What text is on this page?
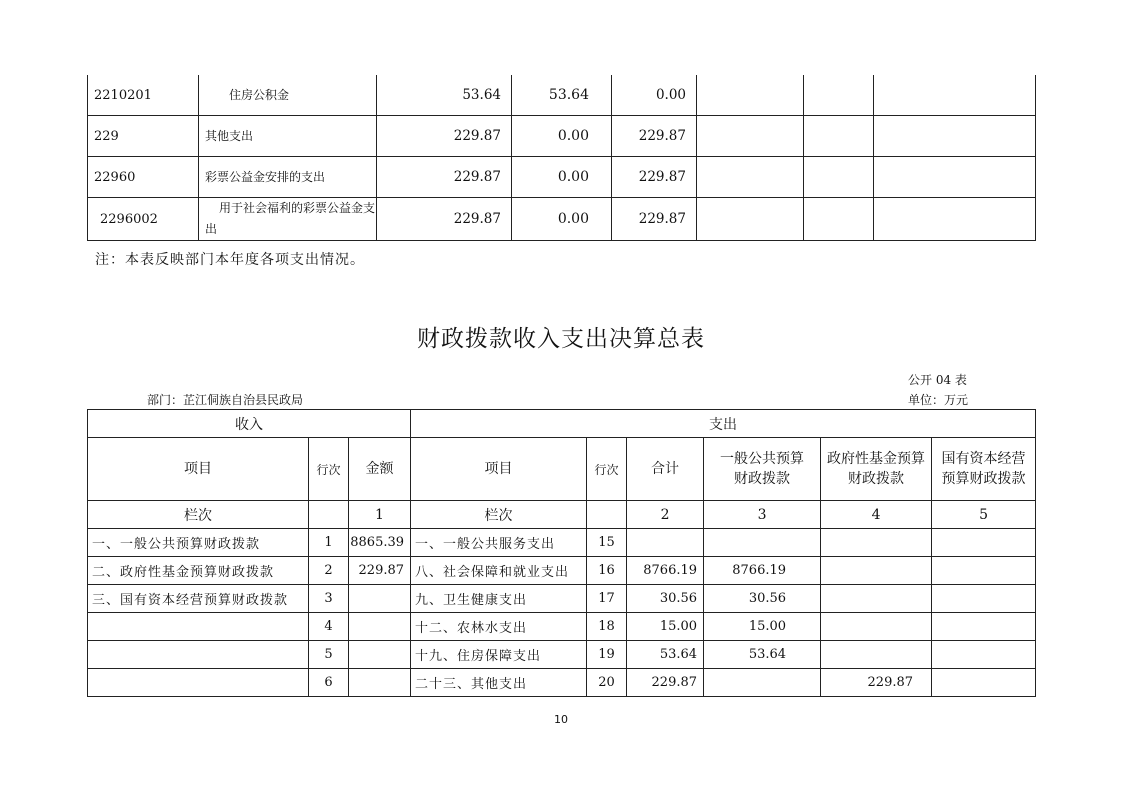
2210201	住房公积金	53.64	53.64	0.00			
229	其他支出	229.87	0.00	229.87			
22960	彩票公益金安排的支出	229.87	0.00	229.87			
2296002	用于社会福利的彩票公益金支出	229.87	0.00	229.87			
注：本表反映部门本年度各项支出情况。
财政拨款收入支出决算总表
公开 04 表
部门：芷江侗族自治县民政局	单位：万元
收入			支出					
项目	行次	金额	项目	行次	合计	一般公共预算财政拨款	政府性基金预算财政拨款	国有资本经营预算财政拨款
栏次		1	栏次		2	3	4	5
一、一般公共预算财政拨款	1	8865.39	一、一般公共服务支出	15				
二、政府性基金预算财政拨款	2	229.87	八、社会保障和就业支出	16	8766.19	8766.19		
三、国有资本经营预算财政拨款	3		九、卫生健康支出	17	30.56	30.56		
	4		十二、农林水支出	18	15.00	15.00		
	5		十九、住房保障支出	19	53.64	53.64		
	6		二十三、其他支出	20	229.87		229.87	
10
